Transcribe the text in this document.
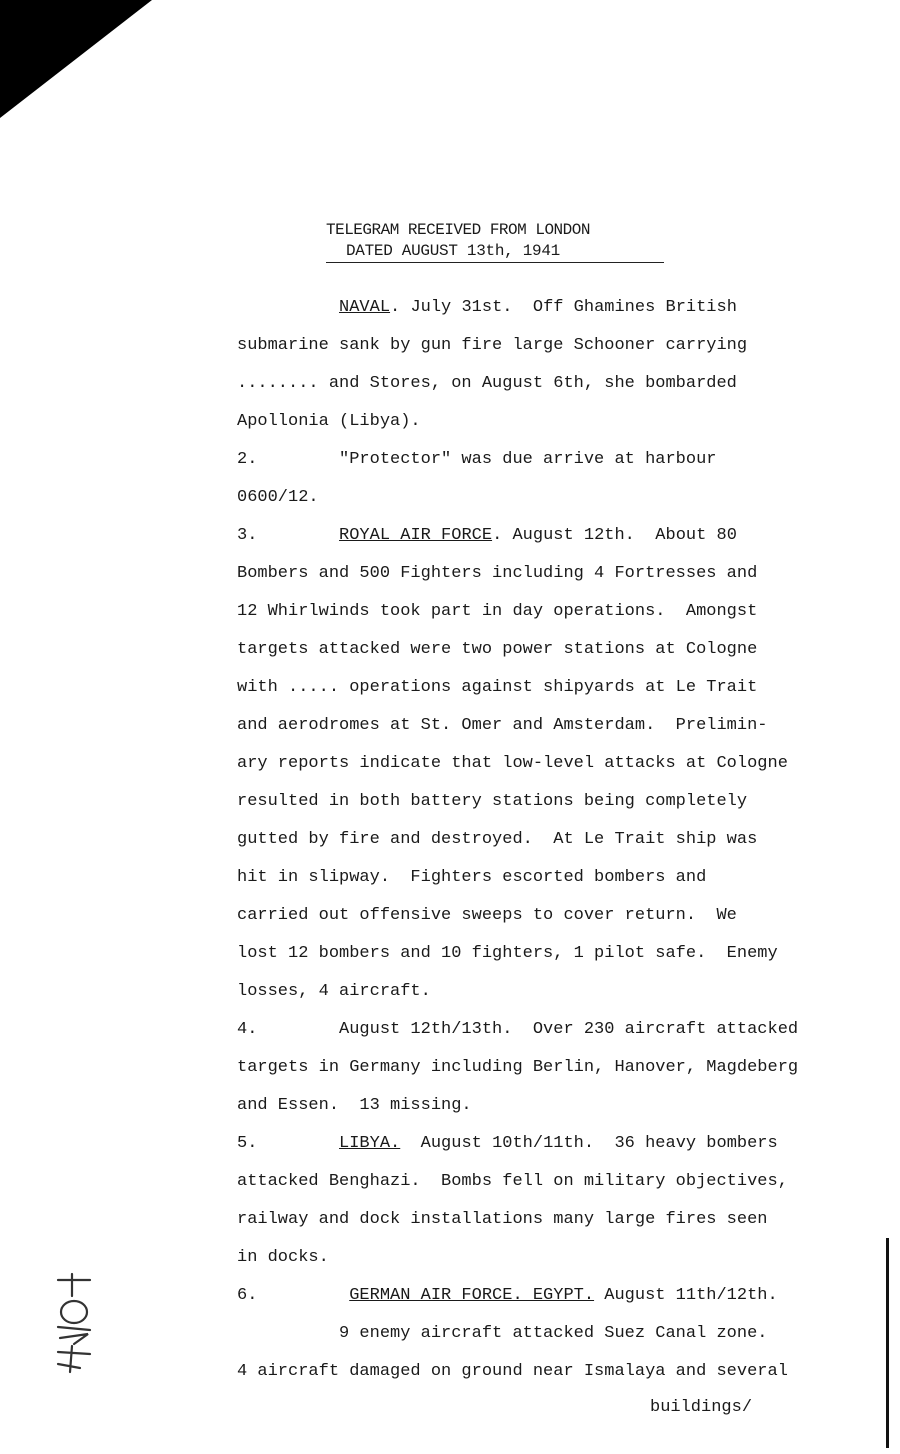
TELEGRAM RECEIVED FROM LONDON
DATED AUGUST 13th, 1941
NAVAL. July 31st.  Off Ghamines British
submarine sank by gun fire large Schooner carrying
........ and Stores, on August 6th, she bombarded
Apollonia (Libya).
2.        "Protector" was due arrive at harbour
0600/12.
3.        ROYAL AIR FORCE. August 12th.  About 80
Bombers and 500 Fighters including 4 Fortresses and
12 Whirlwinds took part in day operations.  Amongst
targets attacked were two power stations at Cologne
with ..... operations against shipyards at Le Trait
and aerodromes at St. Omer and Amsterdam.  Prelimin-
ary reports indicate that low-level attacks at Cologne
resulted in both battery stations being completely
gutted by fire and destroyed.  At Le Trait ship was
hit in slipway.  Fighters escorted bombers and
carried out offensive sweeps to cover return.  We
lost 12 bombers and 10 fighters, 1 pilot safe.  Enemy
losses, 4 aircraft.
4.        August 12th/13th.  Over 230 aircraft attacked
targets in Germany including Berlin, Hanover, Magdeberg
and Essen.  13 missing.
5.        LIBYA.  August 10th/11th.  36 heavy bombers
attacked Benghazi.  Bombs fell on military objectives,
railway and dock installations many large fires seen
in docks.
6.         GERMAN AIR FORCE. EGYPT. August 11th/12th.
9 enemy aircraft attacked Suez Canal zone.
4 aircraft damaged on ground near Ismalaya and several
buildings/
